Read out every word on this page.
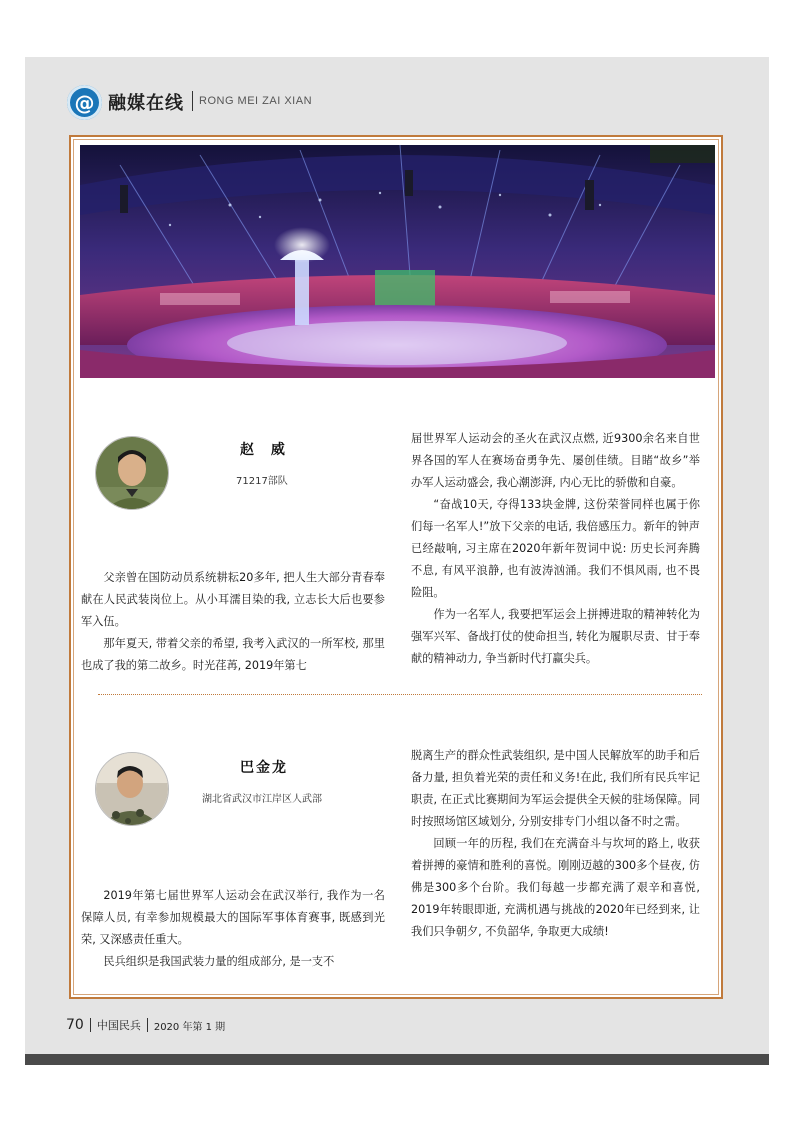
@ 融媒在线 RONG MEI ZAI XIAN
赵 威
71217部队

父亲曾在国防动员系统耕耘20多年, 把人生大部分青春奉献在人民武装岗位上。从小耳濡目染的我, 立志长大后也要参军入伍。

那年夏天, 带着父亲的希望, 我考入武汉的一所军校, 那里也成了我的第二故乡。时光荏苒, 2019年第七

届世界军人运动会的圣火在武汉点燃, 近9300余名来自世界各国的军人在赛场奋勇争先、屡创佳绩。目睹“故乡”举办军人运动盛会, 我心潮澎湃, 内心无比的骄傲和自豪。

“奋战10天, 夺得133块金牌, 这份荣誉同样也属于你们每一名军人!”放下父亲的电话, 我倍感压力。新年的钟声已经敲响, 习主席在2020年新年贺词中说: 历史长河奔腾不息, 有风平浪静, 也有波涛汹涌。我们不惧风雨, 也不畏险阻。

作为一名军人, 我要把军运会上拼搏进取的精神转化为强军兴军、备战打仗的使命担当, 转化为履职尽责、甘于奉献的精神动力, 争当新时代打赢尖兵。

巴金龙
湖北省武汉市江岸区人武部

2019年第七届世界军人运动会在武汉举行, 我作为一名保障人员, 有幸参加规模最大的国际军事体育赛事, 既感到光荣, 又深感责任重大。

民兵组织是我国武装力量的组成部分, 是一支不

脱离生产的群众性武装组织, 是中国人民解放军的助手和后备力量, 担负着光荣的责任和义务!在此, 我们所有民兵牢记职责, 在正式比赛期间为军运会提供全天候的驻场保障。同时按照场馆区域划分, 分别安排专门小组以备不时之需。

回顾一年的历程, 我们在充满奋斗与坎坷的路上, 收获着拼搏的豪情和胜利的喜悦。刚刚迈越的300多个昼夜, 仿佛是300多个台阶。我们每越一步都充满了艰辛和喜悦, 2019年转眼即逝, 充满机遇与挑战的2020年已经到来, 让我们只争朝夕, 不负韶华, 争取更大成绩!

70 中国民兵 2020 年第 1 期
